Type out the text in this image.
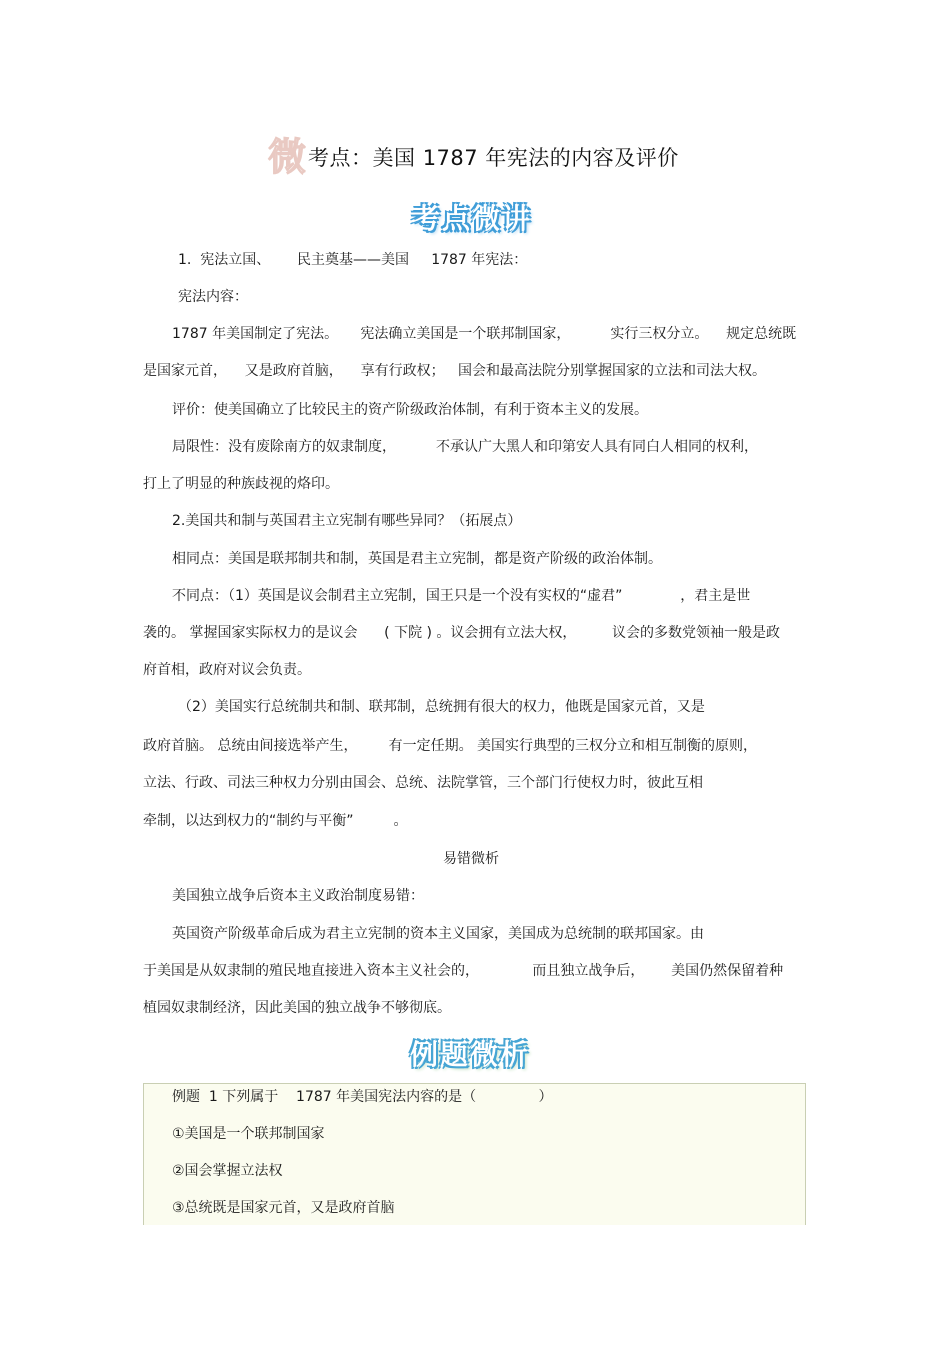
微 考点：美国 1787 年宪法的内容及评价
考点微讲
1.  宪法立国、      民主奠基——美国     1787 年宪法：
宪法内容：
1787 年美国制定了宪法。     宪法确立美国是一个联邦制国家，         实行三权分立。    规定总统既
是国家元首，    又是政府首脑，    享有行政权；   国会和最高法院分别掌握国家的立法和司法大权。
评价：使美国确立了比较民主的资产阶级政治体制，有利于资本主义的发展。
局限性：没有废除南方的奴隶制度，         不承认广大黑人和印第安人具有同白人相同的权利，
打上了明显的种族歧视的烙印。
2.美国共和制与英国君主立宪制有哪些异同？（拓展点）
相同点：美国是联邦制共和制，英国是君主立宪制，都是资产阶级的政治体制。
不同点：（1）英国是议会制君主立宪制，国王只是一个没有实权的“虚君”             ，君主是世
袭的。 掌握国家实际权力的是议会      ( 下院 ) 。议会拥有立法大权，        议会的多数党领袖一般是政
府首相，政府对议会负责。
（2）美国实行总统制共和制、联邦制，总统拥有很大的权力，他既是国家元首，又是
政府首脑。 总统由间接选举产生，       有一定任期。 美国实行典型的三权分立和相互制衡的原则，
立法、行政、司法三种权力分别由国会、总统、法院掌管，三个部门行使权力时，彼此互相
牵制，以达到权力的“制约与平衡”         。
易错微析
美国独立战争后资本主义政治制度易错：
英国资产阶级革命后成为君主立宪制的资本主义国家，美国成为总统制的联邦国家。由
于美国是从奴隶制的殖民地直接进入资本主义社会的，            而且独立战争后，      美国仍然保留着种
植园奴隶制经济，因此美国的独立战争不够彻底。
例题微析
例题  1 下列属于    1787 年美国宪法内容的是（              ）
①美国是一个联邦制国家
②国会掌握立法权
③总统既是国家元首，又是政府首脑
